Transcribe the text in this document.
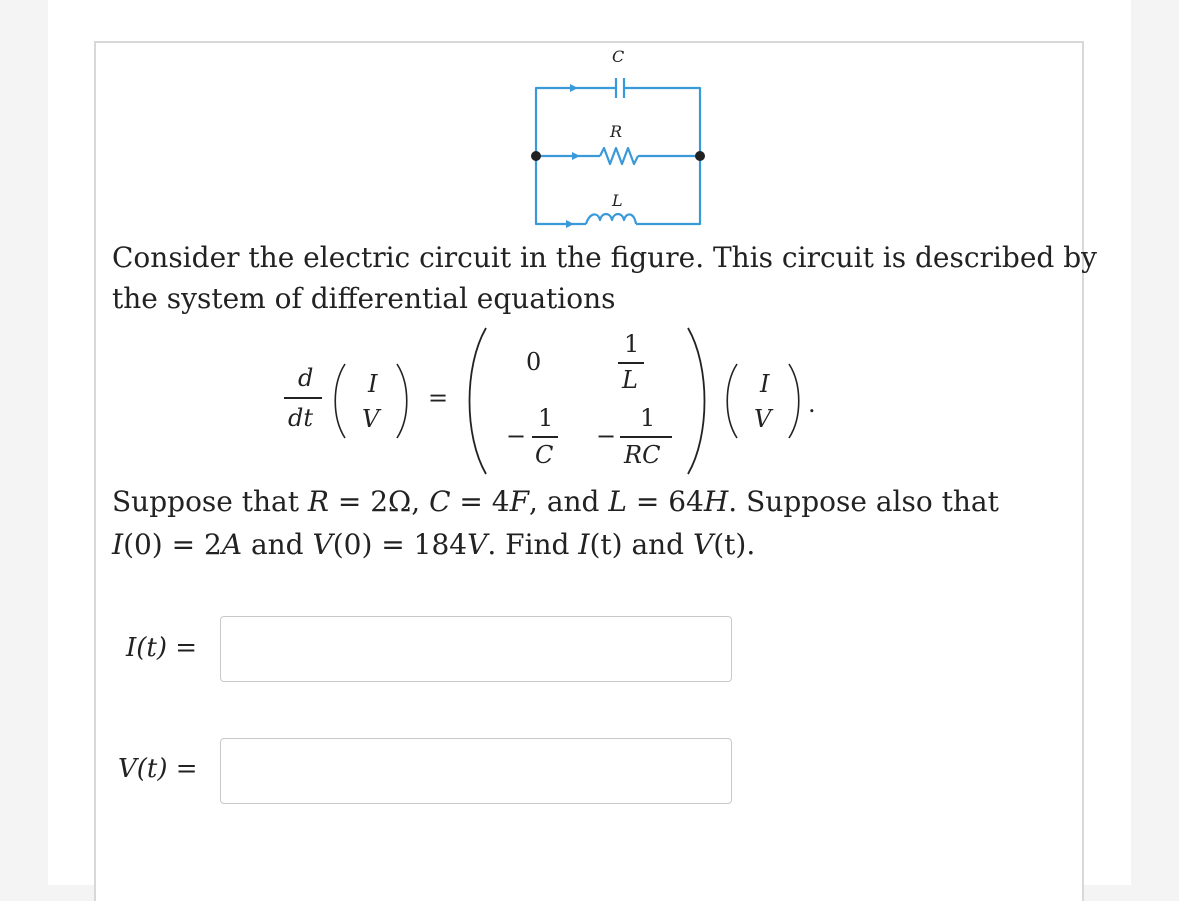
C
R
L
Consider the electric circuit in the figure. This circuit is described by
the system of differential equations
d
dt
I
V
=
0
1
L
−
1
C
−
1
RC
I
V
.
Suppose that R = 2Ω, C = 4F, and L = 64H. Suppose also that
I(0) = 2A and V(0) = 184V. Find I(t) and V(t).
I(t) =
V(t) =
